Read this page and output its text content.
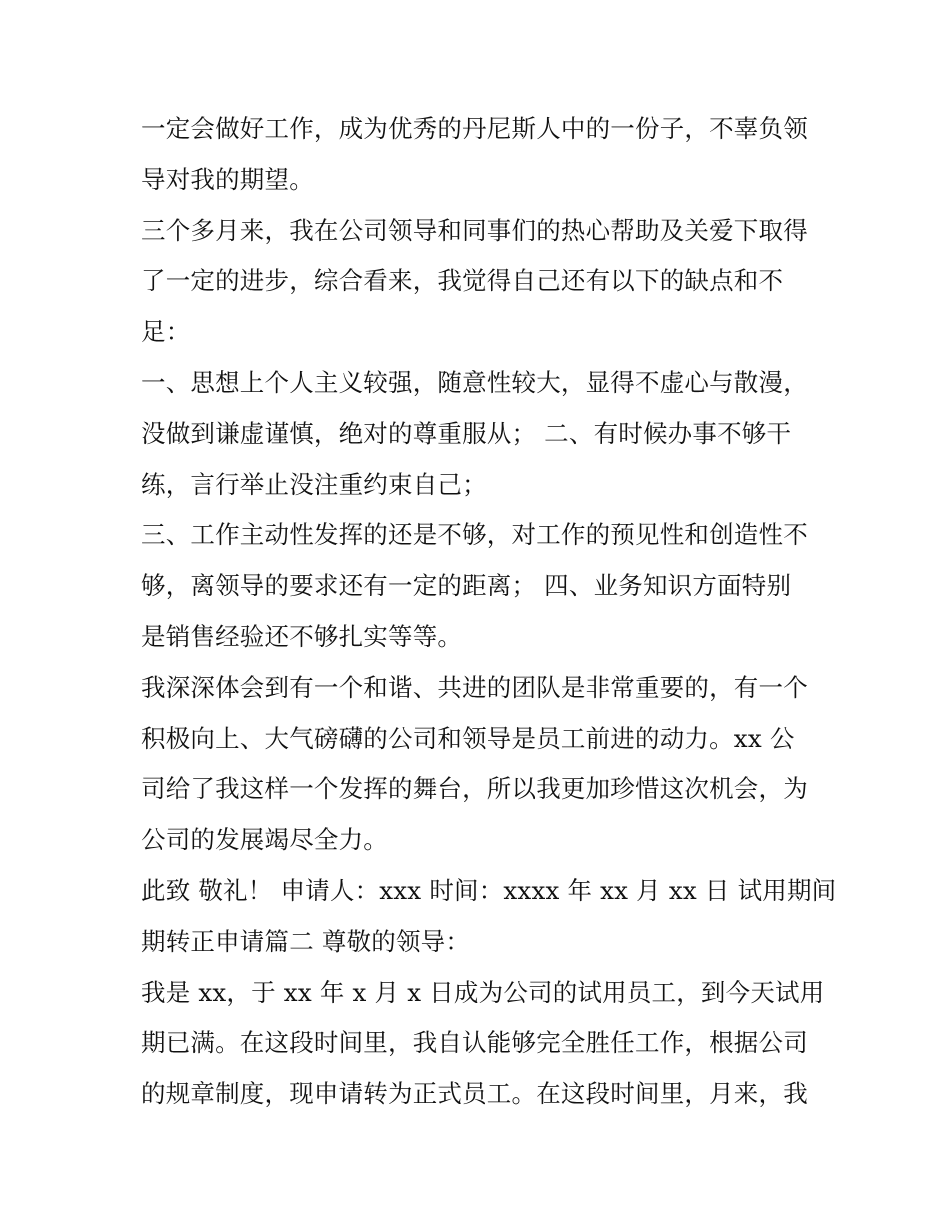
一定会做好工作，成为优秀的丹尼斯人中的一份子，不辜负领
导对我的期望。
三个多月来，我在公司领导和同事们的热心帮助及关爱下取得
了一定的进步，综合看来，我觉得自己还有以下的缺点和不
足：
一、思想上个人主义较强，随意性较大，显得不虚心与散漫，
没做到谦虚谨慎，绝对的尊重服从； 二、有时候办事不够干
练，言行举止没注重约束自己；
三、工作主动性发挥的还是不够，对工作的预见性和创造性不
够，离领导的要求还有一定的距离； 四、业务知识方面特别
是销售经验还不够扎实等等。
我深深体会到有一个和谐、共进的团队是非常重要的，有一个
积极向上、大气磅礴的公司和领导是员工前进的动力。xx 公
司给了我这样一个发挥的舞台，所以我更加珍惜这次机会，为
公司的发展竭尽全力。
此致 敬礼！ 申请人：xxx 时间：xxxx 年 xx 月 xx 日 试用期间
期转正申请篇二 尊敬的领导：
我是 xx，于 xx 年 x 月 x 日成为公司的试用员工，到今天试用
期已满。在这段时间里，我自认能够完全胜任工作，根据公司
的规章制度，现申请转为正式员工。在这段时间里，月来，我
